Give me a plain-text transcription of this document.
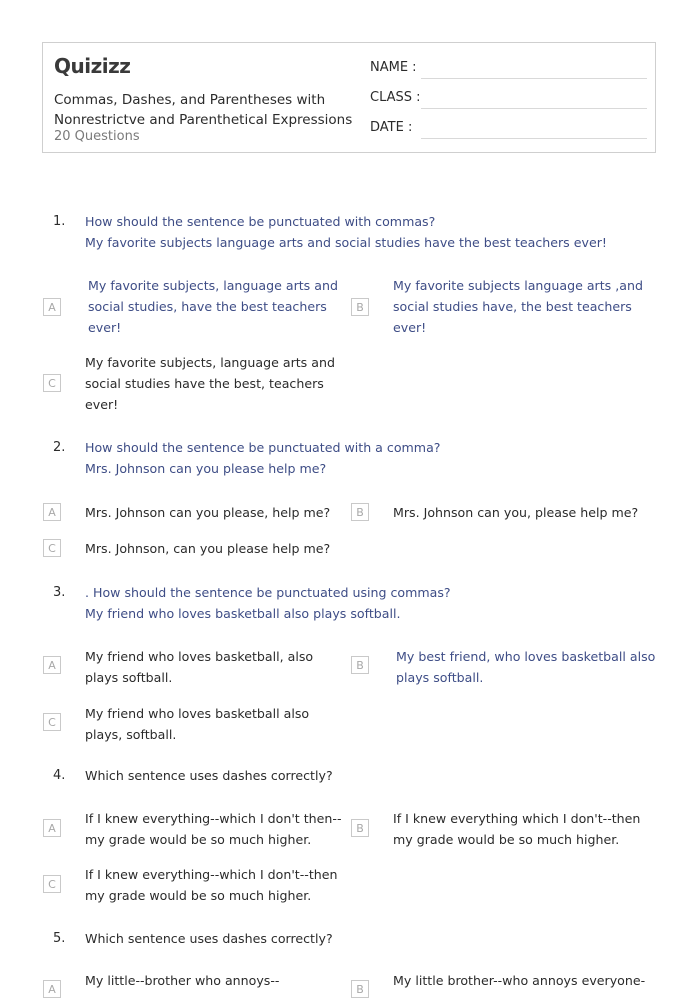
Quizizz
Commas, Dashes, and Parentheses with Nonrestrictve and Parenthetical Expressions
20 Questions
NAME :
CLASS :
DATE :
1. How should the sentence be punctuated with commas?
My favorite subjects language arts and social studies have the best teachers ever!
A
My favorite subjects, language arts and social studies, have the best teachers ever!
B
My favorite subjects language arts ,and social studies have, the best teachers ever!
C
My favorite subjects, language arts and social studies have the best, teachers ever!
2. How should the sentence be punctuated with a comma?
Mrs. Johnson can you please help me?
A	Mrs. Johnson can you please, help me?	B	Mrs. Johnson can you, please help me?
C	Mrs. Johnson, can you please help me?
3. . How should the sentence be punctuated using commas?
My friend who loves basketball also plays softball.
A
My friend who loves basketball, also plays softball.
B
My best friend, who loves basketball also plays softball.
C
My friend who loves basketball also plays, softball.
4. Which sentence uses dashes correctly?
A
If I knew everything--which I don't then--my grade would be so much higher.
B
If I knew everything which I don't--then my grade would be so much higher.
C
If I knew everything--which I don't--then my grade would be so much higher.
5. Which sentence uses dashes correctly?
A
My little--brother who annoys--
B
My little brother--who annoys everyone-
